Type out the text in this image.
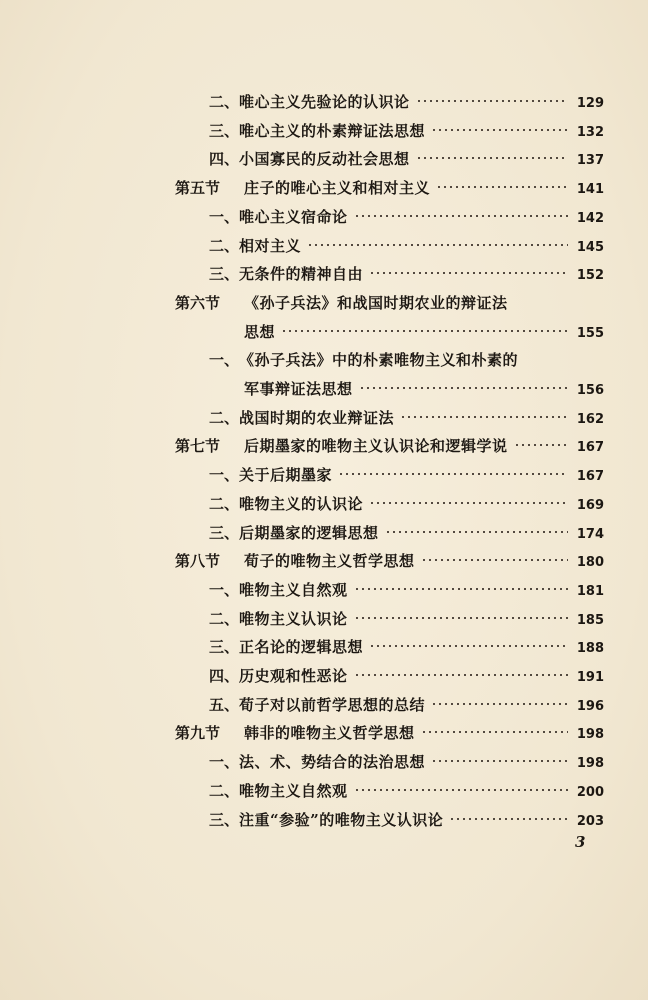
二、 唯心主义先验论的认识论	129
三、 唯心主义的朴素辩证法思想	132
四、 小国寡民的反动社会思想	137
第五节	庄子的唯心主义和相对主义	141
一、 唯心主义宿命论	142
二、 相对主义	145
三、 无条件的精神自由	152
第六节	《孙子兵法》和战国时期农业的辩证法
思想	155
一、 《孙子兵法》中的朴素唯物主义和朴素的
军事辩证法思想	156
二、 战国时期的农业辩证法	162
第七节	后期墨家的唯物主义认识论和逻辑学说	167
一、 关于后期墨家	167
二、 唯物主义的认识论	169
三、 后期墨家的逻辑思想	174
第八节	荀子的唯物主义哲学思想	180
一、 唯物主义自然观	181
二、 唯物主义认识论	185
三、 正名论的逻辑思想	188
四、 历史观和性恶论	191
五、 荀子对以前哲学思想的总结	196
第九节	韩非的唯物主义哲学思想	198
一、 法、术、势结合的法治思想	198
二、 唯物主义自然观	200
三、 注重“参验”的唯物主义认识论	203
3
